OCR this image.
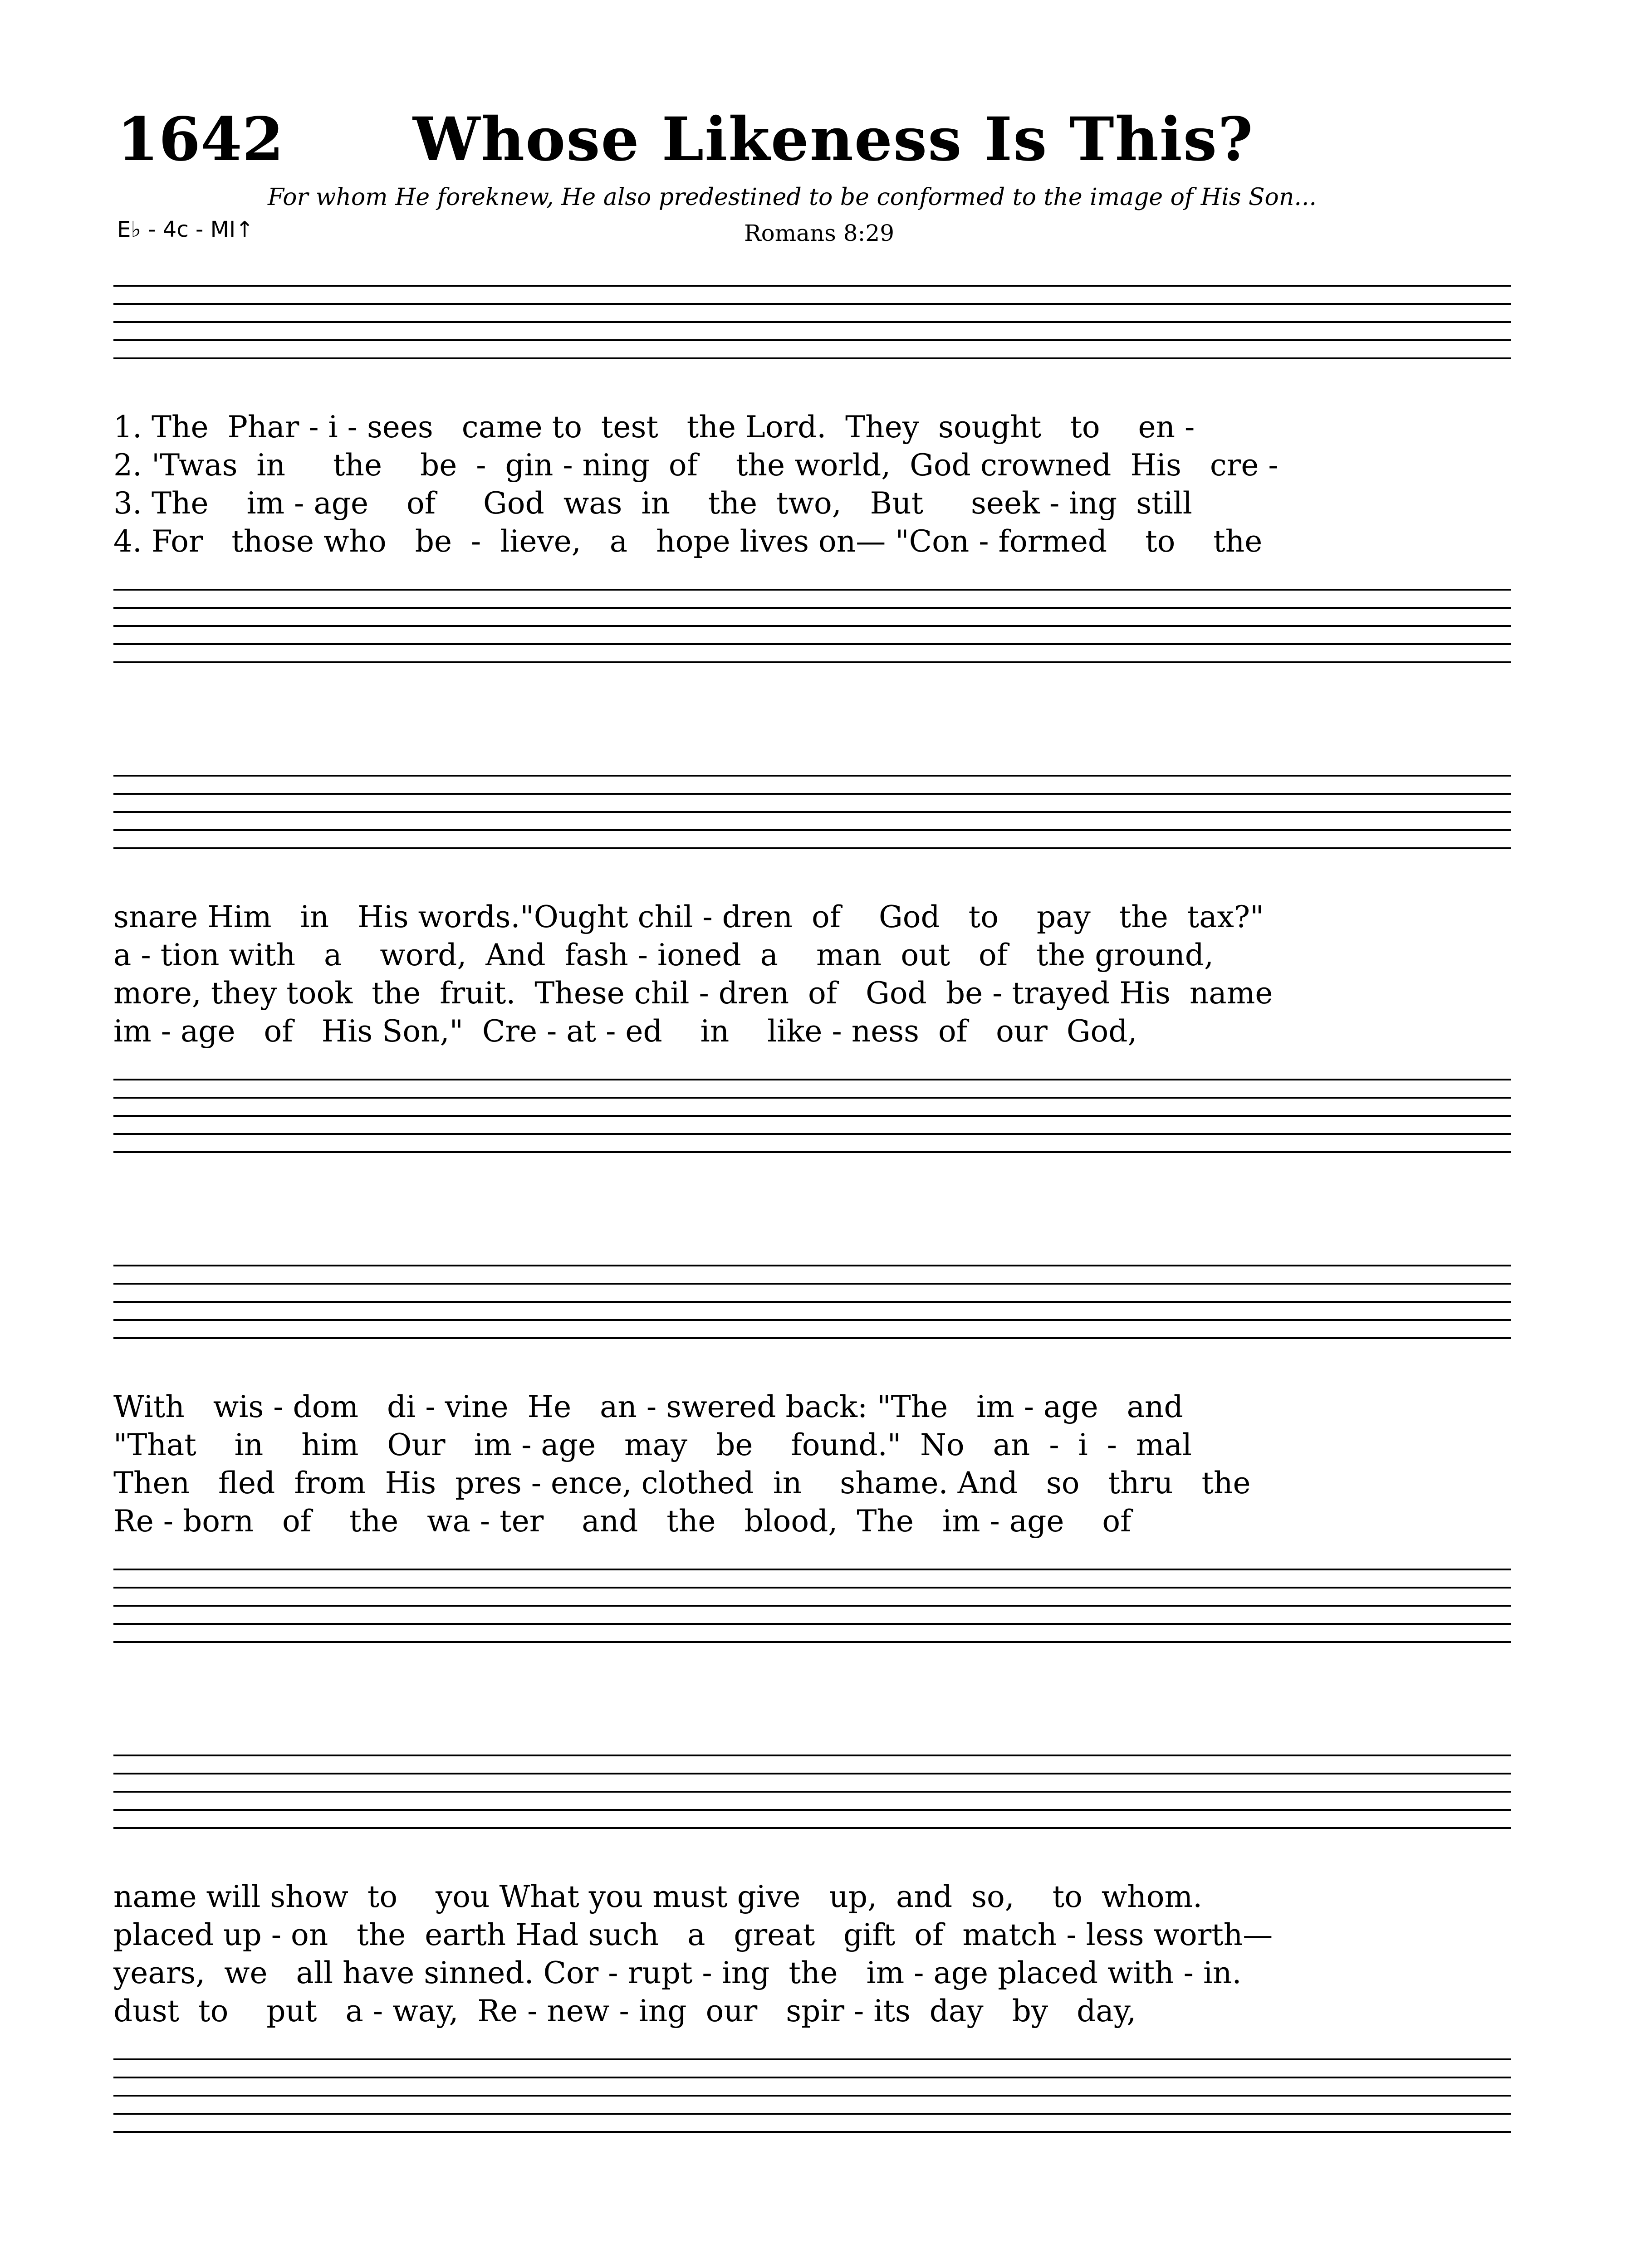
1642 Whose Likeness Is This?
For whom He foreknew, He also predestined to be conformed to the image of His Son...
E♭ - 4c - MI↑	Romans 8:29
1. The  Phar - i - sees   came to  test   the Lord.  They  sought   to    en -
2. 'Twas  in     the    be  -  gin - ning  of    the world,  God crowned  His   cre -
3. The    im - age    of     God  was  in    the  two,   But     seek - ing  still
4. For   those who   be  -  lieve,   a   hope lives on— "Con - formed    to    the
snare Him   in   His words."Ought chil - dren  of    God   to    pay   the  tax?"
a - tion with   a    word,  And  fash - ioned  a    man  out   of   the ground,
more, they took  the  fruit.  These chil - dren  of   God  be - trayed His  name
im - age   of   His Son,"  Cre - at - ed    in    like - ness  of   our  God,
With   wis - dom   di - vine  He   an - swered back: "The   im - age   and
"That    in    him   Our   im - age   may   be    found."  No   an  -  i  -  mal
Then   fled  from  His  pres - ence, clothed  in    shame. And   so   thru   the
Re - born   of    the   wa - ter    and   the   blood,  The   im - age    of
name will show  to    you What you must give   up,  and  so,    to  whom.
placed up - on   the  earth Had such   a   great   gift  of  match - less worth—
years,  we   all have sinned. Cor - rupt - ing  the   im - age placed with - in.
dust  to    put   a - way,  Re - new - ing  our   spir - its  day   by   day,
